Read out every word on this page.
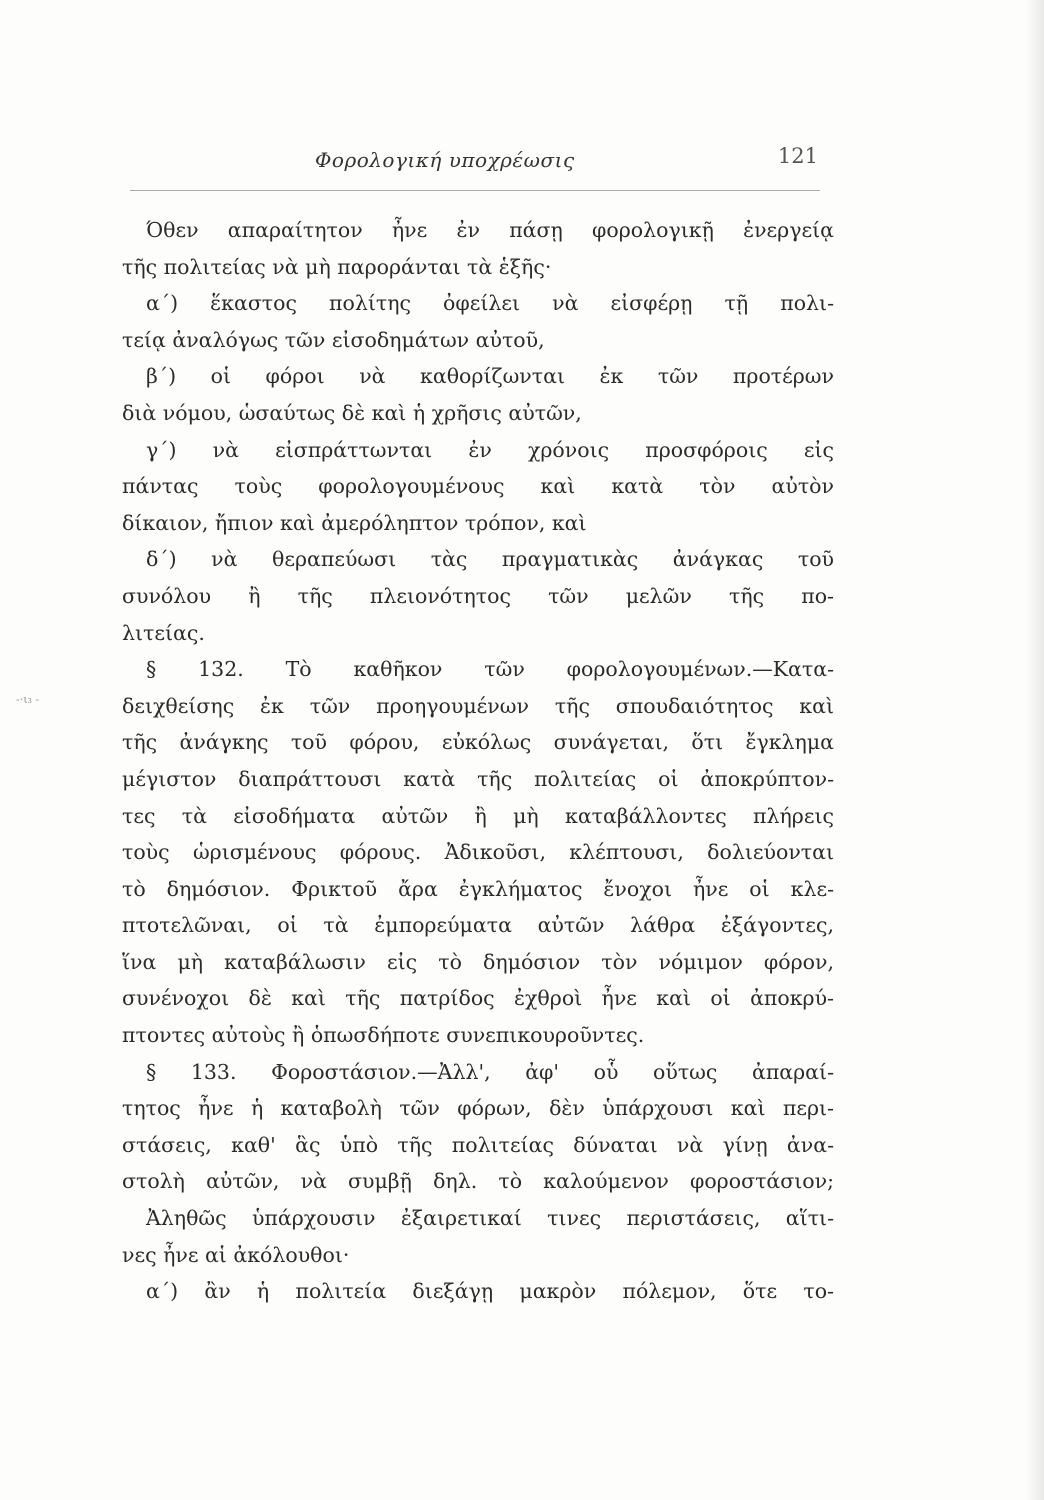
Φορολογική υποχρέωσις	121
-·ι₃ -
Όθεν απαραίτητον ἦνε ἐν πάσῃ φορολογικῇ ἐνεργείᾳ
τῆς πολιτείας νὰ μὴ παροράνται τὰ ἑξῆς·
α΄) ἕκαστος πολίτης ὀφείλει νὰ εἰσφέρῃ τῇ πολι-
τείᾳ ἀναλόγως τῶν εἰσοδημάτων αὐτοῦ,
β΄) οἱ φόροι νὰ καθορίζωνται ἐκ τῶν προτέρων
διὰ νόμου, ὡσαύτως δὲ καὶ ἡ χρῆσις αὐτῶν,
γ΄) νὰ εἰσπράττωνται ἐν χρόνοις προσφόροις εἰς
πάντας τοὺς φορολογουμένους καὶ κατὰ τὸν αὐτὸν
δίκαιον, ἤπιον καὶ ἀμερόληπτον τρόπον, καὶ
δ΄) νὰ θεραπεύωσι τὰς πραγματικὰς ἀνάγκας τοῦ
συνόλου ἢ τῆς πλειονότητος τῶν μελῶν τῆς πο-
λιτείας.
§ 132. Τὸ καθῆκον τῶν φορολογουμένων.—Κατα-
δειχθείσης ἐκ τῶν προηγουμένων τῆς σπουδαιότητος καὶ
τῆς ἀνάγκης τοῦ φόρου, εὐκόλως συνάγεται, ὅτι ἔγκλημα
μέγιστον διαπράττουσι κατὰ τῆς πολιτείας οἱ ἀποκρύπτον-
τες τὰ εἰσοδήματα αὐτῶν ἢ μὴ καταβάλλοντες πλήρεις
τοὺς ὡρισμένους φόρους. Ἀδικοῦσι, κλέπτουσι, δολιεύονται
τὸ δημόσιον. Φρικτοῦ ἄρα ἐγκλήματος ἔνοχοι ἦνε οἱ κλε-
πτοτελῶναι, οἱ τὰ ἐμπορεύματα αὐτῶν λάθρα ἐξάγοντες,
ἵνα μὴ καταβάλωσιν εἰς τὸ δημόσιον τὸν νόμιμον φόρον,
συνένοχοι δὲ καὶ τῆς πατρίδος ἐχθροὶ ἦνε καὶ οἱ ἀποκρύ-
πτοντες αὐτοὺς ἢ ὁπωσδήποτε συνεπικουροῦντες.
§ 133. Φοροστάσιον.—Ἀλλ', ἀφ' οὗ οὕτως ἀπαραί-
τητος ἦνε ἡ καταβολὴ τῶν φόρων, δὲν ὑπάρχουσι καὶ περι-
στάσεις, καθ' ἃς ὑπὸ τῆς πολιτείας δύναται νὰ γίνῃ ἀνα-
στολὴ αὐτῶν, νὰ συμβῇ δηλ. τὸ καλούμενον φοροστάσιον;
Ἀληθῶς ὑπάρχουσιν ἐξαιρετικαί τινες περιστάσεις, αἵτι-
νες ἦνε αἱ ἀκόλουθοι·
α΄) ἂν ἡ πολιτεία διεξάγῃ μακρὸν πόλεμον, ὅτε το-
